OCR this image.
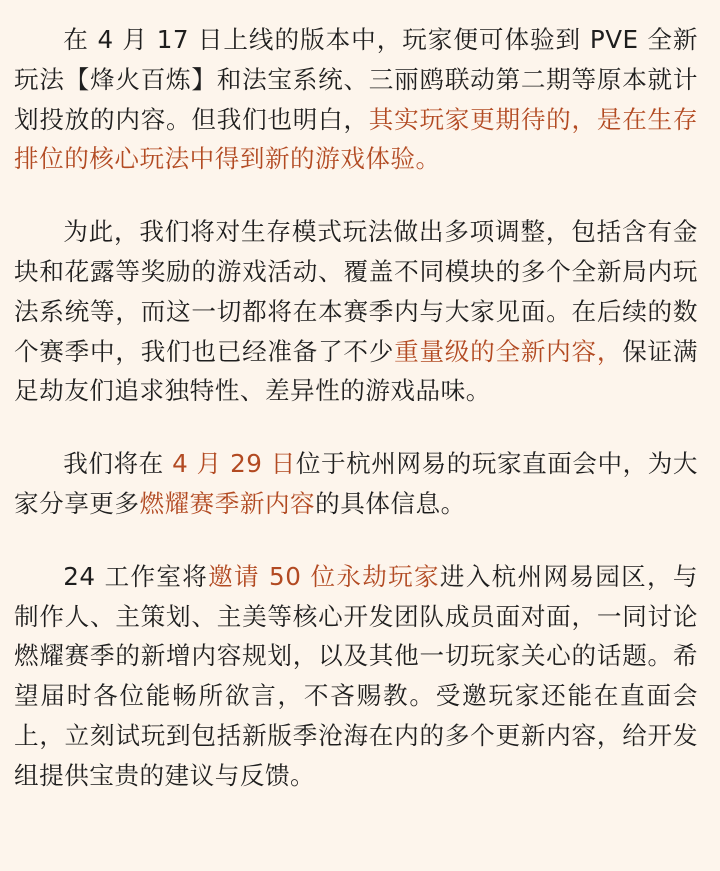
在 4 月 17 日上线的版本中，玩家便可体验到 PVE 全新玩法【烽火百炼】和法宝系统、三丽鸥联动第二期等原本就计划投放的内容。但我们也明白，其实玩家更期待的，是在生存排位的核心玩法中得到新的游戏体验。

为此，我们将对生存模式玩法做出多项调整，包括含有金块和花露等奖励的游戏活动、覆盖不同模块的多个全新局内玩法系统等，而这一切都将在本赛季内与大家见面。在后续的数个赛季中，我们也已经准备了不少重量级的全新内容，保证满足劫友们追求独特性、差异性的游戏品味。

我们将在 4 月 29 日位于杭州网易的玩家直面会中，为大家分享更多燃耀赛季新内容的具体信息。

24 工作室将邀请 50 位永劫玩家进入杭州网易园区，与制作人、主策划、主美等核心开发团队成员面对面，一同讨论燃耀赛季的新增内容规划，以及其他一切玩家关心的话题。希望届时各位能畅所欲言，不吝赐教。受邀玩家还能在直面会上，立刻试玩到包括新版季沧海在内的多个更新内容，给开发组提供宝贵的建议与反馈。
